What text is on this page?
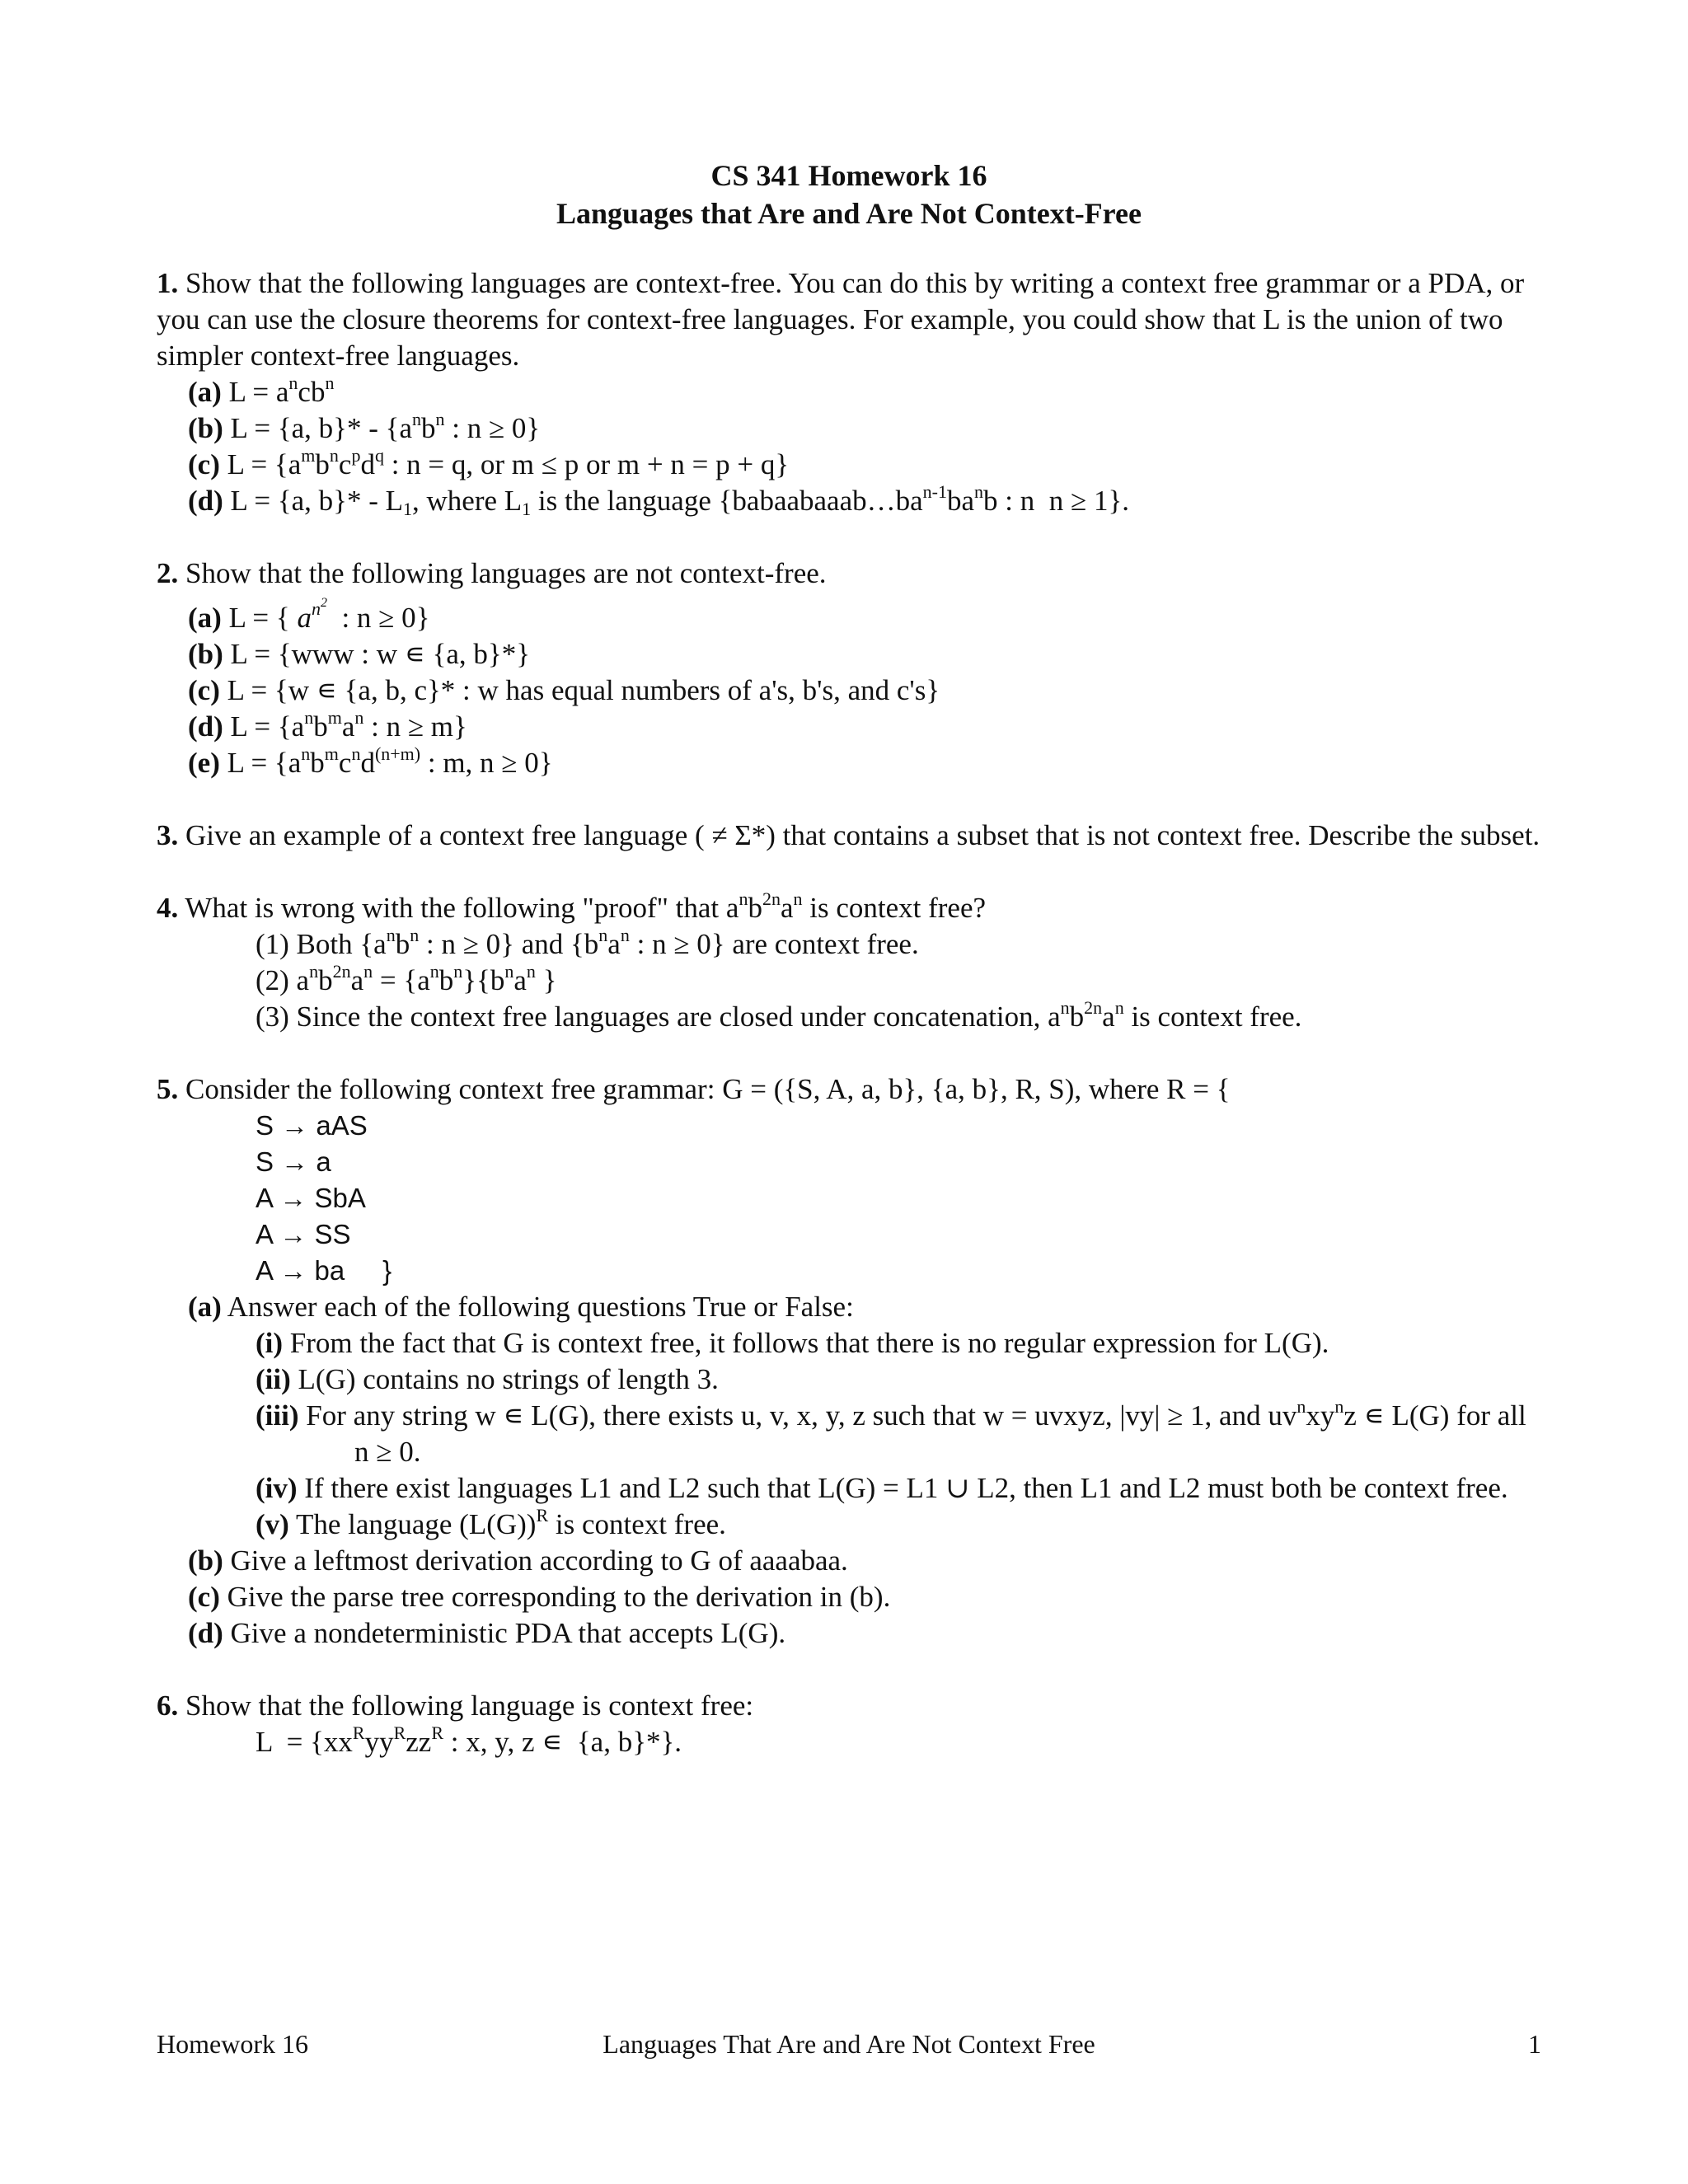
CS 341 Homework 16
Languages that Are and Are Not Context-Free

1. Show that the following languages are context-free. You can do this by writing a context free grammar or a PDA, or you can use the closure theorems for context-free languages. For example, you could show that L is the union of two simpler context-free languages.

(a) $L = a^ncb^n$
(b) L = {a, $b\}* - \{a^nb^n$ : n ≥ 0}
(c) $L = \{a^mb^nc^pd^q$ : n = q, or m ≤ p or m + n = p + q}
(d) L = {a, $b\}* - L_1$, where $L_1$ is the language {$babaabaaab\dots ba^{n-1}ba^nb$ : n  n ≥ 1}.

2. Show that the following languages are not context-free.

(a) L = { $a^{n^2}$  : n ≥ 0}
(b) L = {www : w ∊ {a, b}*}
(c) L = {w ∊ {a, b, c}* : w has equal numbers of a's, b's, and c's}
(d) $L = \{a^nb^ma^n$ : n ≥ m}
(e) $L = \{a^nb^mc^nd^{(n+m)}$ : m, n ≥ 0}

3. Give an example of a context free language ( ≠ Σ*) that contains a subset that is not context free. Describe the subset.

4. What is wrong with the following "proof" that $a^nb^{2n}a^n$ is context free?

(1) Both {$a^nb^n$ : n ≥ 0} and {$b^na^n$ : n ≥ 0} are context free.
(2) $a^nb^{2n}a^n = \{a^nb^n\}\{b^na^n$ }
(3) Since the context free languages are closed under concatenation, $a^nb^{2n}a^n$ is context free.

5. Consider the following context free grammar: G = ({S, A, a, b}, {a, b}, R, S), where R = {

S → aAS
S → a
A → SbA
A → SS
A → ba     }
(a) Answer each of the following questions True or False:
(i) From the fact that G is context free, it follows that there is no regular expression for L(G).
(ii) L(G) contains no strings of length 3.
(iii) For any string w ∊ L(G), there exists u, v, x, y, z such that w = uvxyz, |vy| ≥ 1, and $uv^nxy^nz$ ∊ L(G) for all n ≥ 0.
(iv) If there exist languages L1 and L2 such that L(G) = L1 ∪ L2, then L1 and L2 must both be context free.
(v) The language $(L(G))^R$ is context free.
(b) Give a leftmost derivation according to G of aaaabaa.
(c) Give the parse tree corresponding to the derivation in (b).
(d) Give a nondeterministic PDA that accepts L(G).

6. Show that the following language is context free:

$L = \{xx^Ryy^Rzz^R$ : x, y, z ∊  {a, b}*}.
Homework 16	Languages That Are and Are Not Context Free	1
